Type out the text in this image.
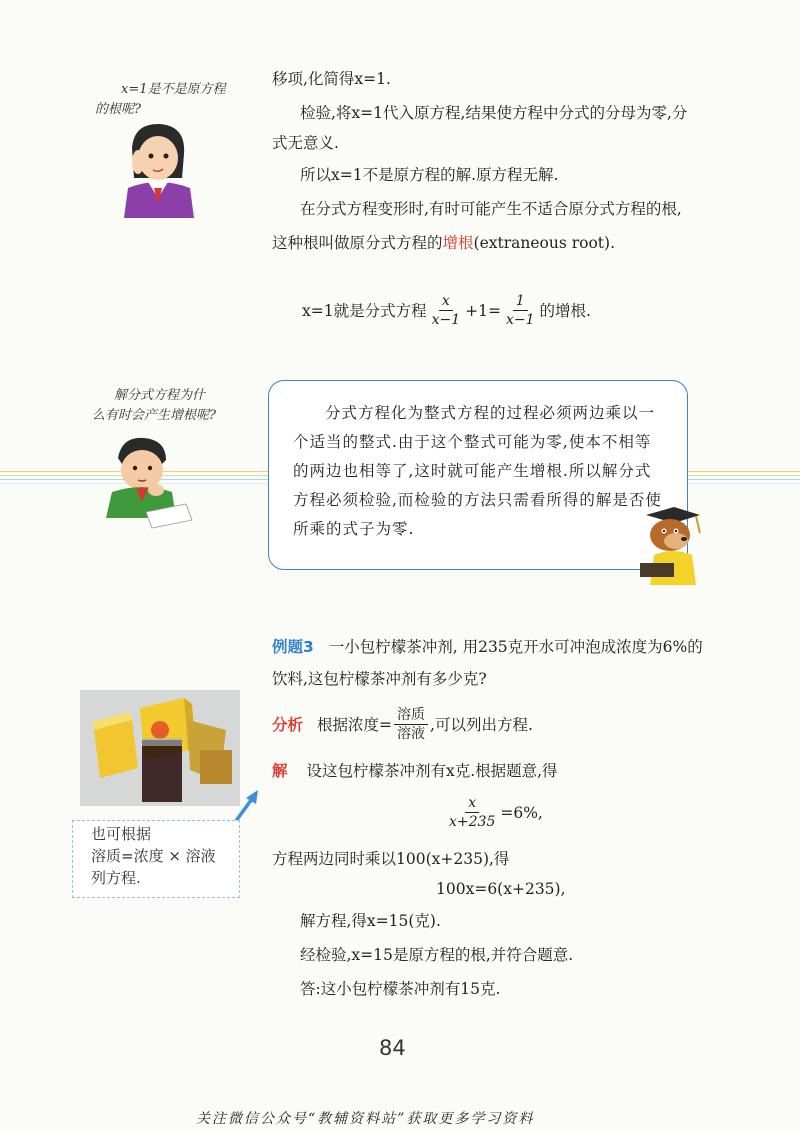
x=1是不是原方程
的根呢?
移项,化简得x=1.
检验,将x=1代入原方程,结果使方程中分式的分母为零,分
式无意义.
所以x=1不是原方程的解.原方程无解.
在分式方程变形时,有时可能产生不适合原分式方程的根,
这种根叫做原分式方程的增根(extraneous root).
x=1就是分式方程 $\frac{x}{x-1} +1= \frac{1}{x-1}$ 的增根.
解分式方程为什
么有时会产生增根呢?	分式方程化为整式方程的过程必须两边乘以一

个适当的整式.由于这个整式可能为零,使本不相等

的两边也相等了,这时就可能产生增根.所以解分式

方程必须检验,而检验的方法只需看所得的解是否使

所乘的式子为零.

例题3 一小包柠檬茶冲剂, 用235克开水可冲泡成浓度为6%的
饮料,这包柠檬茶冲剂有多少克?
也可根据
溶质=浓度 × 溶液
列方程.
分析 根据浓度= $\frac{\text{溶质}}{\text{溶液}}$ ,可以列出方程.
解 设这包柠檬茶冲剂有x克.根据题意,得
$\frac{x}{x+235} =6\%$,
方程两边同时乘以100(x+235),得
100x=6(x+235),
解方程,得x=15(克).
经检验,x=15是原方程的根,并符合题意.
答:这小包柠檬茶冲剂有15克.
84
关注微信公众号“教辅资料站”获取更多学习资料
